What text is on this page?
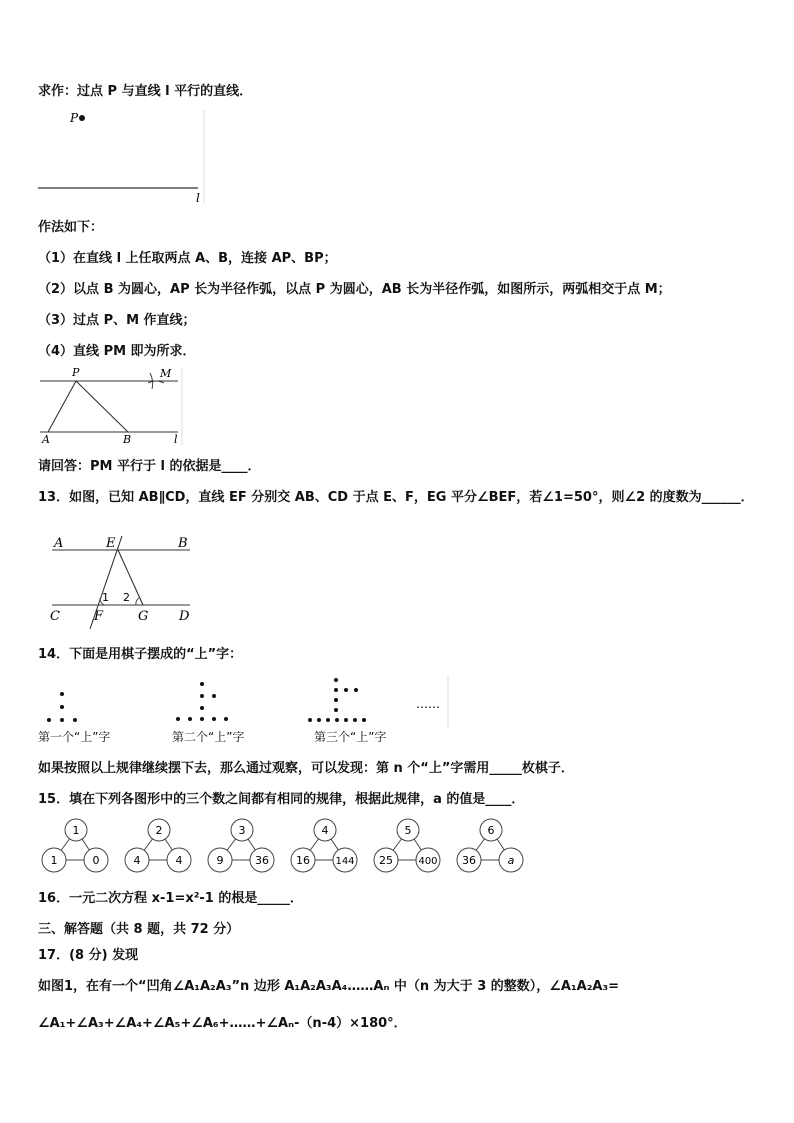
求作：过点 P 与直线 l 平行的直线．
P
l
作法如下：
（1）在直线 l 上任取两点 A、B，连接 AP、BP；
（2）以点 B 为圆心，AP 长为半径作弧，以点 P 为圆心，AB 长为半径作弧，如图所示，两弧相交于点 M；
（3）过点 P、M 作直线；
（4）直线 PM 即为所求．
P	M
A	B	l
请回答：PM 平行于 l 的依据是____．
13．如图，已知 AB∥CD，直线 EF 分别交 AB、CD 于点 E、F，EG 平分∠BEF，若∠1=50°，则∠2 的度数为______．
A	E	B
C	F	G D
1 2
14．下面是用棋子摆成的“上”字：
……
第一个“上”字	第二个“上”字	第三个“上”字
如果按照以上规律继续摆下去，那么通过观察，可以发现：第 n 个“上”字需用_____枚棋子．
15．填在下列各图形中的三个数之间都有相同的规律，根据此规律，a 的值是____．
1
1	0
2
4	4
3
9	36
4
16	144
5
25	400
6
36	a
16．一元二次方程 x-1=x²-1 的根是_____．
三、解答题（共 8 题，共 72 分）
17．(8 分) 发现
如图1，在有一个“凹角∠A₁A₂A₃”n 边形 A₁A₂A₃A₄……Aₙ 中（n 为大于 3 的整数），∠A₁A₂A₃=
∠A₁+∠A₃+∠A₄+∠A₅+∠A₆+……+∠Aₙ-（n-4）×180°．
